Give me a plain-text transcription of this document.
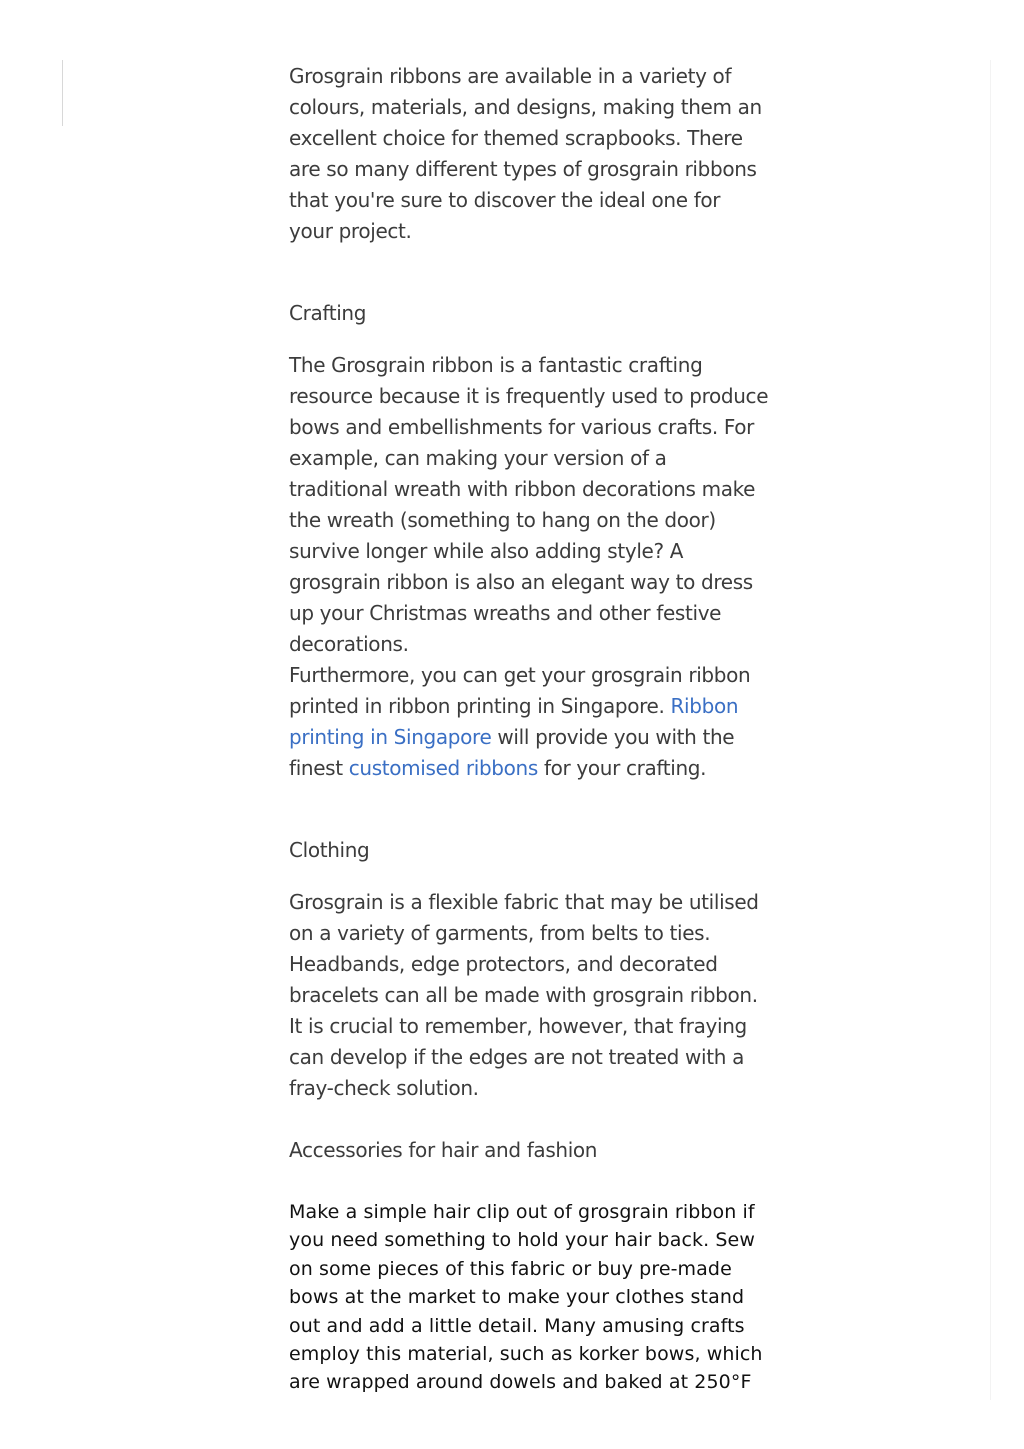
Grosgrain ribbons are available in a variety of colours, materials, and designs, making them an excellent choice for themed scrapbooks. There are so many different types of grosgrain ribbons that you're sure to discover the ideal one for your project.

Crafting

The Grosgrain ribbon is a fantastic crafting resource because it is frequently used to produce bows and embellishments for various crafts. For example, can making your version of a traditional wreath with ribbon decorations make the wreath (something to hang on the door) survive longer while also adding style? A grosgrain ribbon is also an elegant way to dress up your Christmas wreaths and other festive decorations.

Furthermore, you can get your grosgrain ribbon printed in ribbon printing in Singapore. Ribbon printing in Singapore will provide you with the finest customised ribbons for your crafting.

Clothing

Grosgrain is a flexible fabric that may be utilised on a variety of garments, from belts to ties. Headbands, edge protectors, and decorated bracelets can all be made with grosgrain ribbon. It is crucial to remember, however, that fraying can develop if the edges are not treated with a fray-check solution.

Accessories for hair and fashion

Make a simple hair clip out of grosgrain ribbon if you need something to hold your hair back. Sew on some pieces of this fabric or buy pre-made bows at the market to make your clothes stand out and add a little detail. Many amusing crafts employ this material, such as korker bows, which are wrapped around dowels and baked at 250°F
